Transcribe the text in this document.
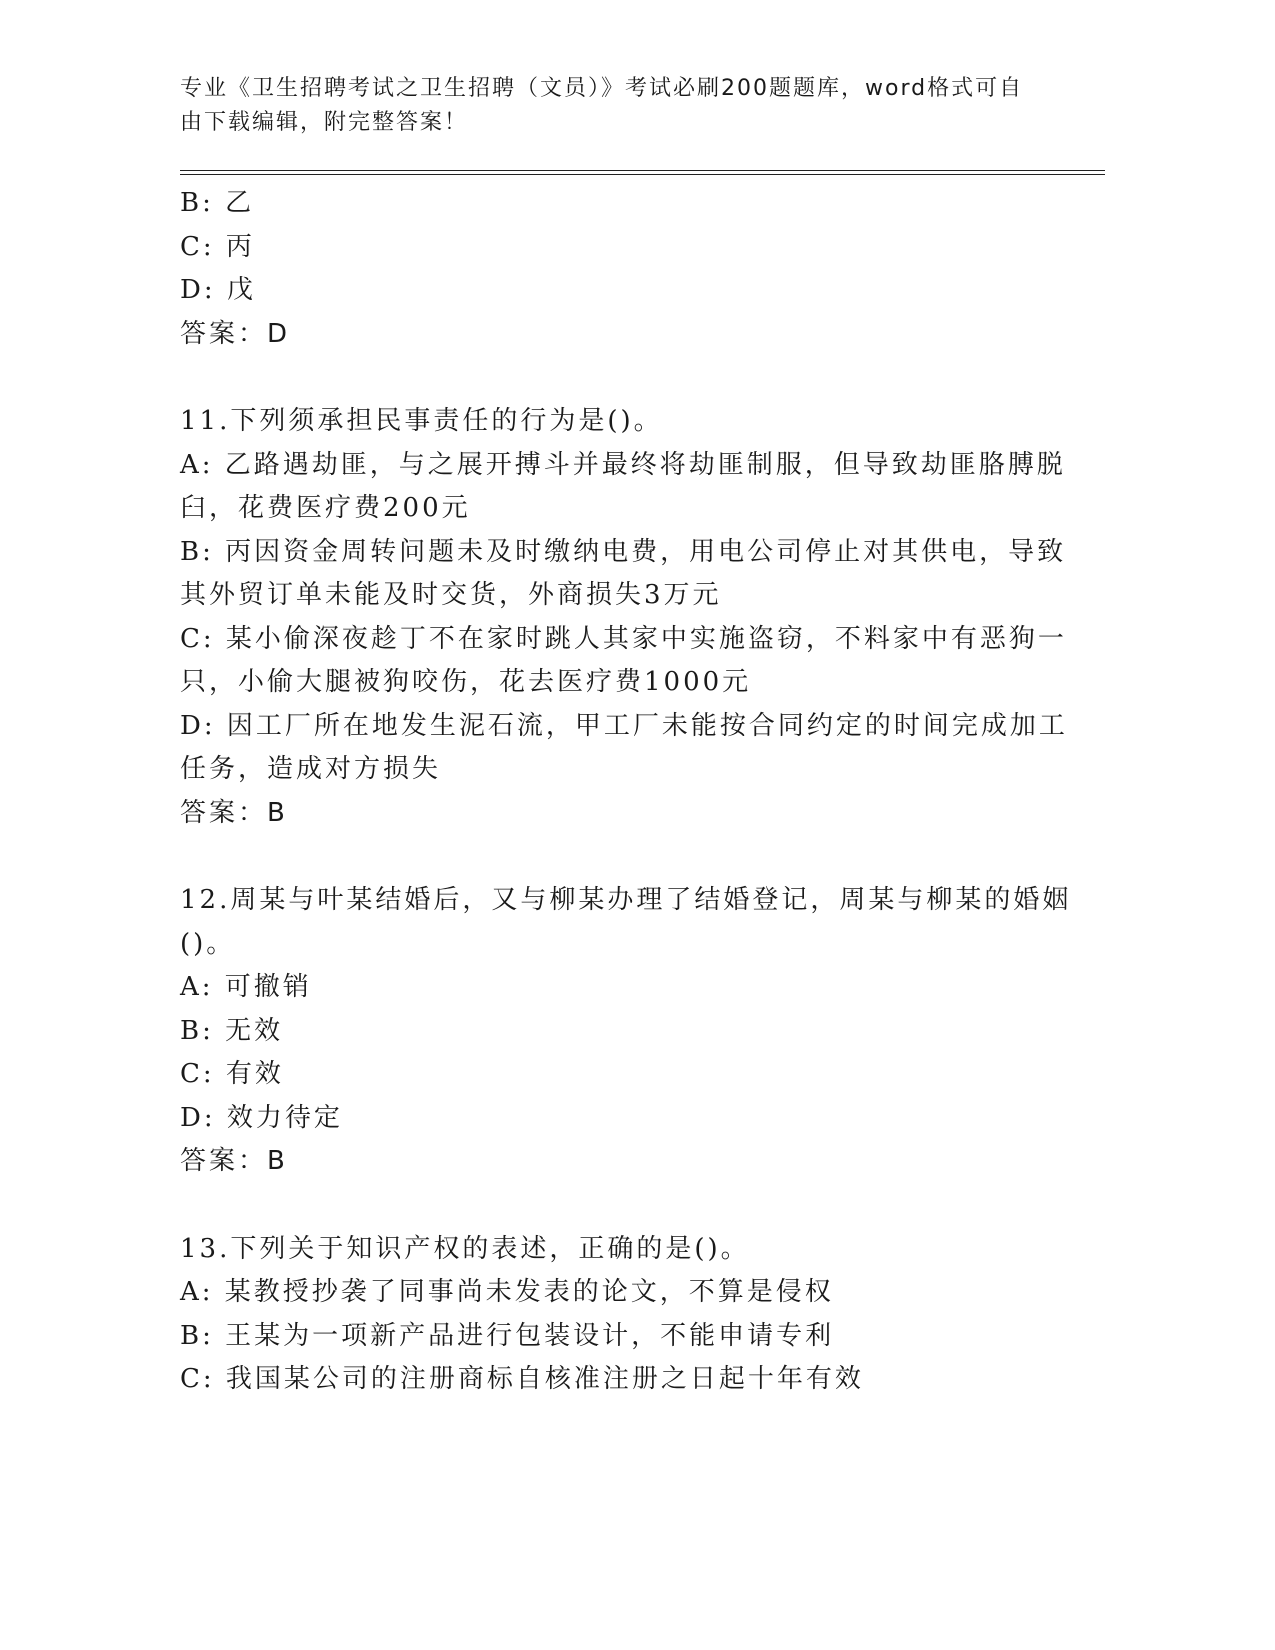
专业《卫生招聘考试之卫生招聘（文员）》考试必刷200题题库，word格式可自
由下载编辑，附完整答案！
B: 乙
C: 丙
D: 戊
答案：D
11.下列须承担民事责任的行为是()。
A: 乙路遇劫匪，与之展开搏斗并最终将劫匪制服，但导致劫匪胳膊脱
臼，花费医疗费200元
B: 丙因资金周转问题未及时缴纳电费，用电公司停止对其供电，导致
其外贸订单未能及时交货，外商损失3万元
C: 某小偷深夜趁丁不在家时跳人其家中实施盗窃，不料家中有恶狗一
只，小偷大腿被狗咬伤，花去医疗费1000元
D: 因工厂所在地发生泥石流，甲工厂未能按合同约定的时间完成加工
任务，造成对方损失
答案：B
12.周某与叶某结婚后，又与柳某办理了结婚登记，周某与柳某的婚姻
()。
A: 可撤销
B: 无效
C: 有效
D: 效力待定
答案：B
13.下列关于知识产权的表述，正确的是()。
A: 某教授抄袭了同事尚未发表的论文，不算是侵权
B: 王某为一项新产品进行包装设计，不能申请专利
C: 我国某公司的注册商标自核准注册之日起十年有效
